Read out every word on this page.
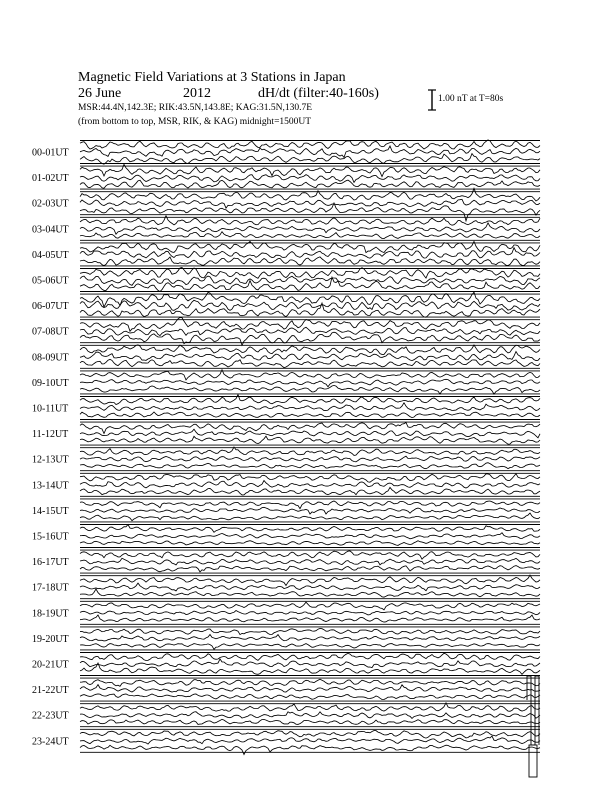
Magnetic Field Variations at 3 Stations in Japan
26 June	2012	dH/dt (filter:40-160s)
MSR:44.4N,142.3E; RIK:43.5N,143.8E; KAG:31.5N,130.7E
(from bottom to top, MSR, RIK, & KAG) midnight=1500UT
1.00 nT at T=80s
00-01UT
01-02UT
02-03UT
03-04UT
04-05UT
05-06UT
06-07UT
07-08UT
08-09UT
09-10UT
10-11UT
11-12UT
12-13UT
13-14UT
14-15UT
15-16UT
16-17UT
17-18UT
18-19UT
19-20UT
20-21UT
21-22UT
22-23UT
23-24UT
